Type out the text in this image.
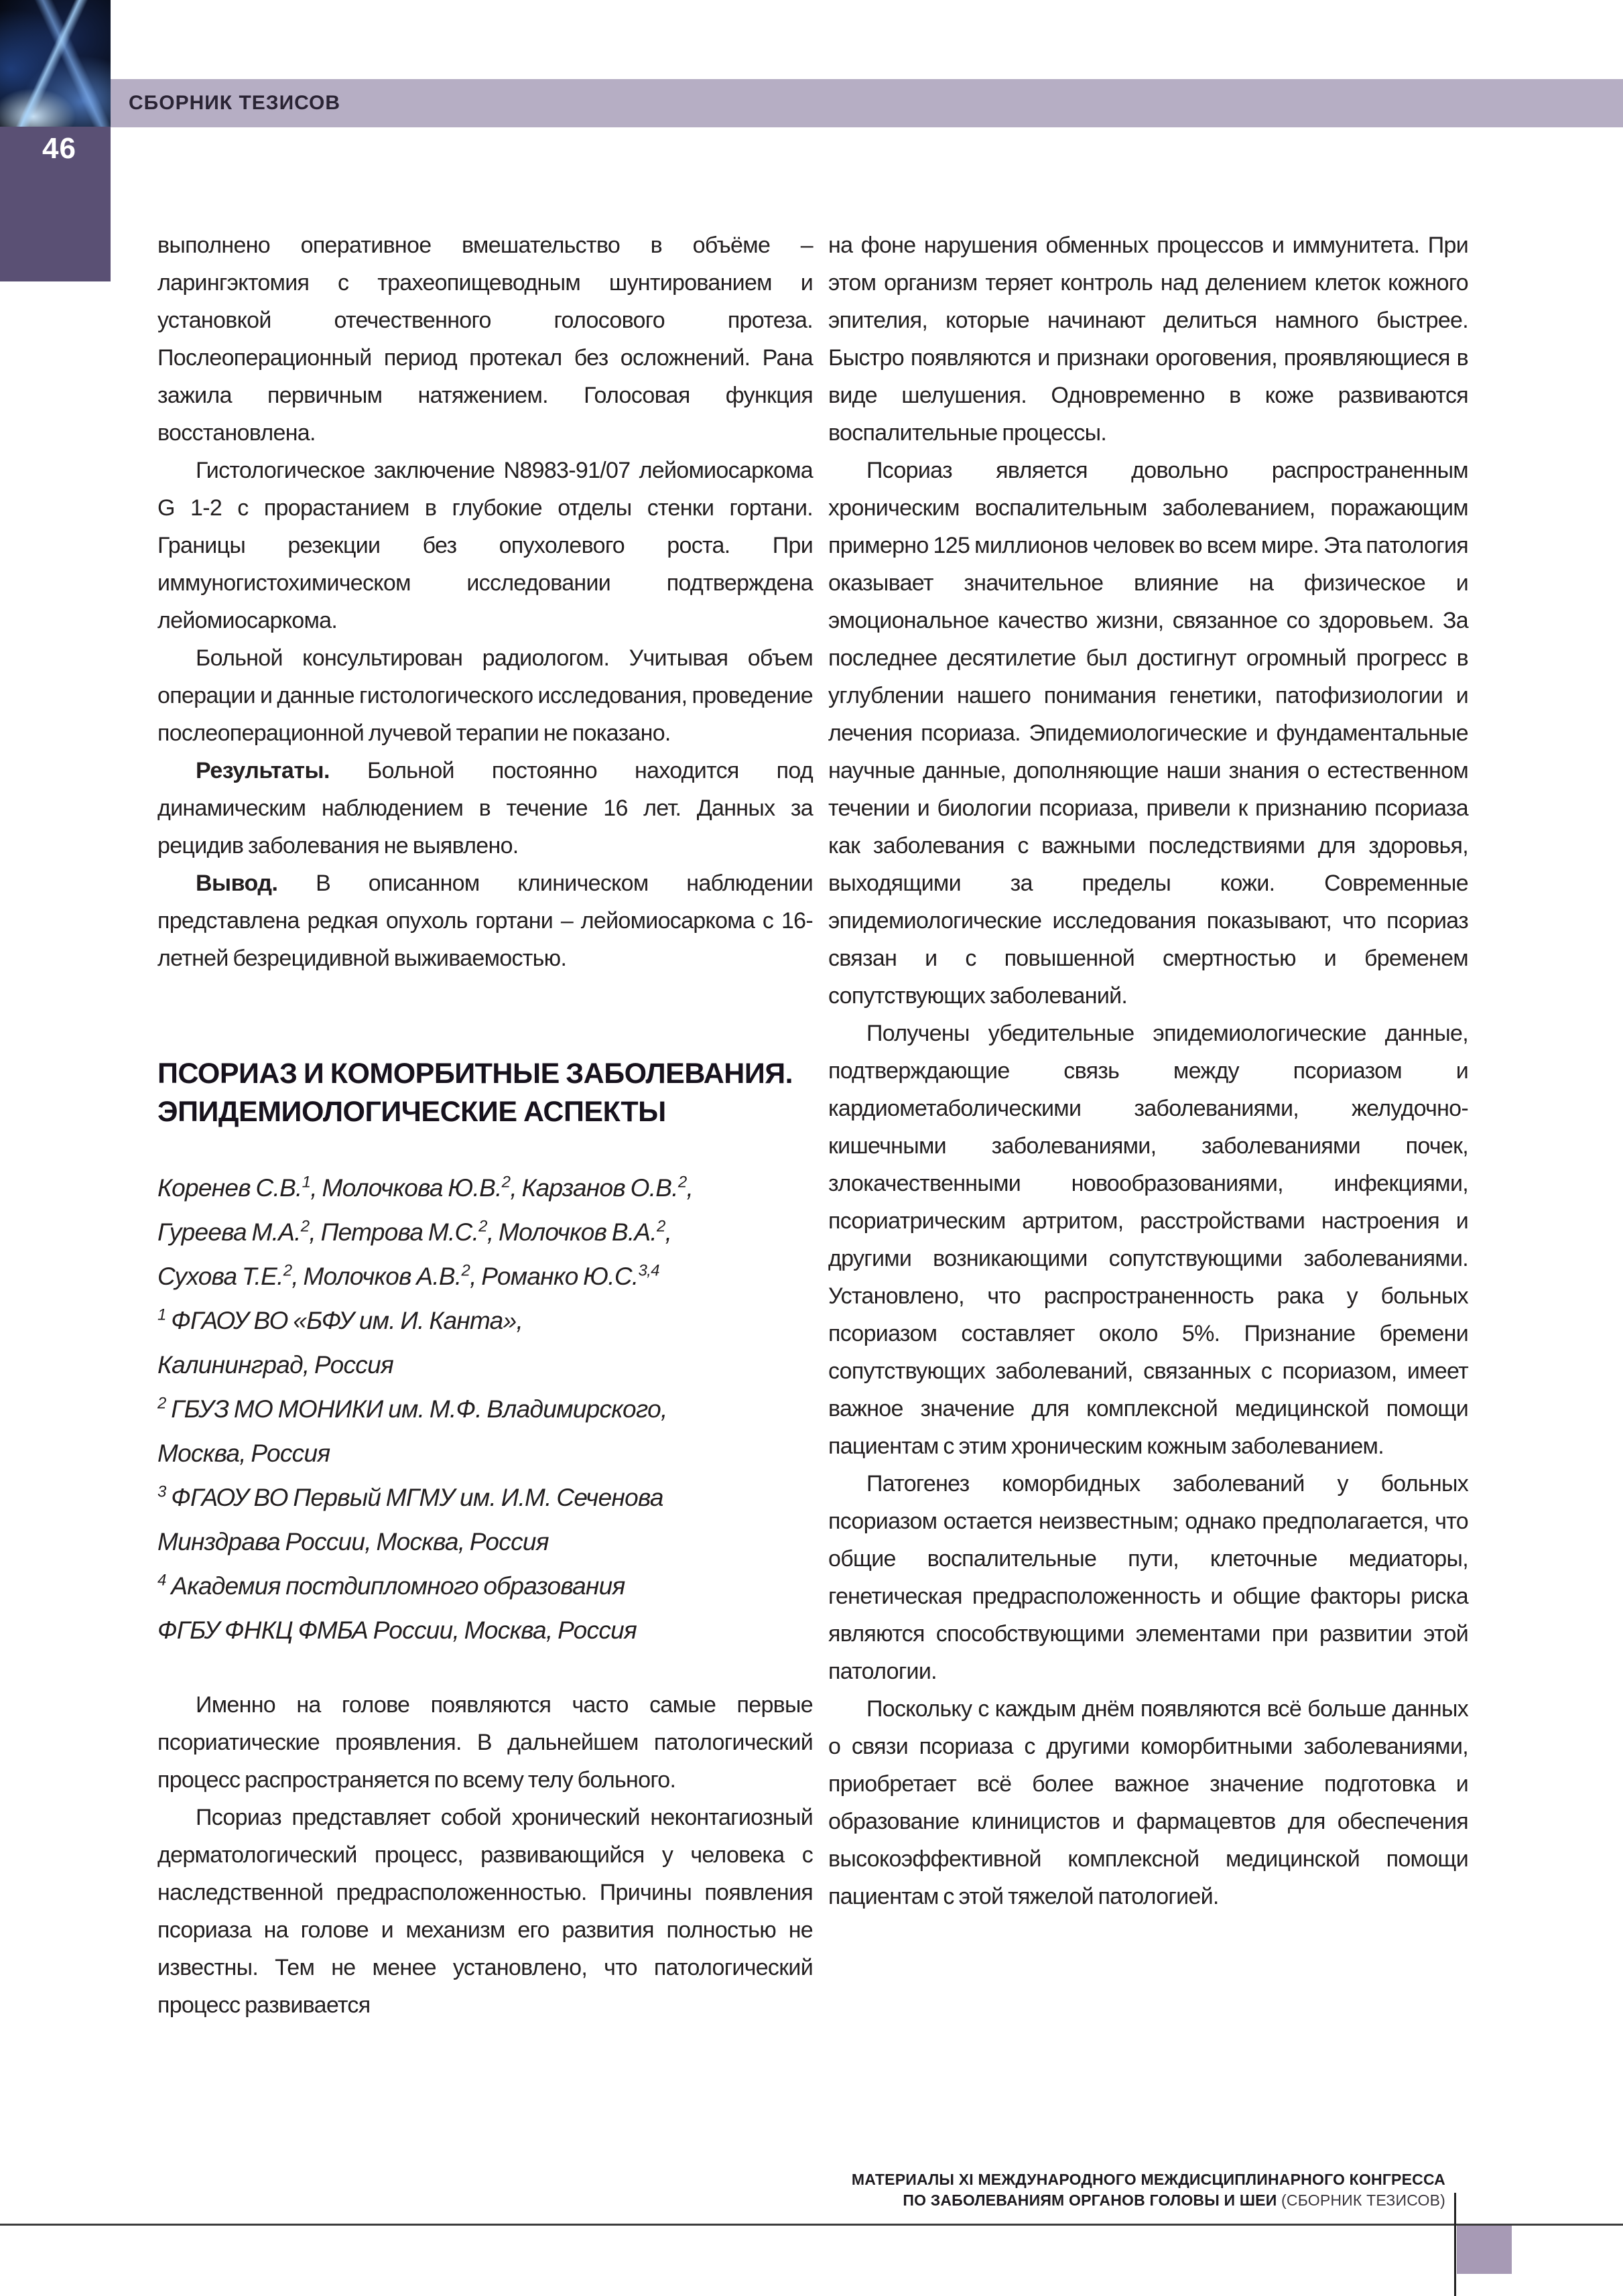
СБОРНИК ТЕЗИСОВ
46

выполнено оперативное вмешательство в объёме – ларингэктомия с трахеопищеводным шунтированием и установкой отечественного голосового протеза. Послеоперационный период протекал без осложнений. Рана зажила первичным натяжением. Голосовая функция восстановлена.

Гистологическое заключение N8983-91/07 лейомиосаркома G 1-2 с прорастанием в глубокие отделы стенки гортани. Границы резекции без опухолевого роста. При иммуногистохимическом исследовании подтверждена лейомиосаркома.

Больной консультирован радиологом. Учитывая объем операции и данные гистологического исследования, проведение послеоперационной лучевой терапии не показано.

Результаты. Больной постоянно находится под динамическим наблюдением в течение 16 лет. Данных за рецидив заболевания не выявлено.

Вывод. В описанном клиническом наблюдении представлена редкая опухоль гортани – лейомиосаркома с 16-летней безрецидивной выживаемостью.

ПСОРИАЗ И КОМОРБИТНЫЕ ЗАБОЛЕВАНИЯ.
ЭПИДЕМИОЛОГИЧЕСКИЕ АСПЕКТЫ
Коренев С.В.$^1$, Молочкова Ю.В.$^2$, Карзанов О.В.$^2$,
Гуреева М.А.$^2$, Петрова М.С.$^2$, Молочков В.А.$^2$,
Сухова Т.Е.$^2$, Молочков А.В.$^2$, Романко Ю.С.$^{3,4}$
$^1$ ФГАОУ ВО «БФУ им. И. Канта»,
Калининград, Россия
$^2$ ГБУЗ МО МОНИКИ им. М.Ф. Владимирского,
Москва, Россия
$^3$ ФГАОУ ВО Первый МГМУ им. И.М. Сеченова
Минздрава России, Москва, Россия
$^4$ Академия постдипломного образования
ФГБУ ФНКЦ ФМБА России, Москва, Россия

Именно на голове появляются часто самые первые псориатические проявления. В дальнейшем патологический процесс распространяется по всему телу больного.

Псориаз представляет собой хронический неконтагиозный дерматологический процесс, развивающийся у человека с наследственной предрасположенностью. Причины появления псориаза на голове и механизм его развития полностью не известны. Тем не менее установлено, что патологический процесс развивается

на фоне нарушения обменных процессов и иммунитета. При этом организм теряет контроль над делением клеток кожного эпителия, которые начинают делиться намного быстрее. Быстро появляются и признаки ороговения, проявляющиеся в виде шелушения. Одновременно в коже развиваются воспалительные процессы.

Псориаз является довольно распространенным хроническим воспалительным заболеванием, поражающим примерно 125 миллионов человек во всем мире. Эта патология оказывает значительное влияние на физическое и эмоциональное качество жизни, связанное со здоровьем. За последнее десятилетие был достигнут огромный прогресс в углублении нашего понимания генетики, патофизиологии и лечения псориаза. Эпидемиологические и фундаментальные научные данные, дополняющие наши знания о естественном течении и биологии псориаза, привели к признанию псориаза как заболевания с важными последствиями для здоровья, выходящими за пределы кожи. Современные эпидемиологические исследования показывают, что псориаз связан и с повышенной смертностью и бременем сопутствующих заболеваний.

Получены убедительные эпидемиологические данные, подтверждающие связь между псориазом и кардиометаболическими заболеваниями, желудочно-кишечными заболеваниями, заболеваниями почек, злокачественными новообразованиями, инфекциями, псориатрическим артритом, расстройствами настроения и другими возникающими сопутствующими заболеваниями. Установлено, что распространенность рака у больных псориазом составляет около 5%. Признание бремени сопутствующих заболеваний, связанных с псориазом, имеет важное значение для комплексной медицинской помощи пациентам с этим хроническим кожным заболеванием.

Патогенез коморбидных заболеваний у больных псориазом остается неизвестным; однако предполагается, что общие воспалительные пути, клеточные медиаторы, генетическая предрасположенность и общие факторы риска являются способствующими элементами при развитии этой патологии.

Поскольку с каждым днём появляются всё больше данных о связи псориаза с другими коморбитными заболеваниями, приобретает всё более важное значение подготовка и образование клиницистов и фармацевтов для обеспечения высокоэффективной комплексной медицинской помощи пациентам с этой тяжелой патологией.

МАТЕРИАЛЫ XI МЕЖДУНАРОДНОГО МЕЖДИСЦИПЛИНАРНОГО КОНГРЕССА
ПО ЗАБОЛЕВАНИЯМ ОРГАНОВ ГОЛОВЫ И ШЕИ (СБОРНИК ТЕЗИСОВ)
